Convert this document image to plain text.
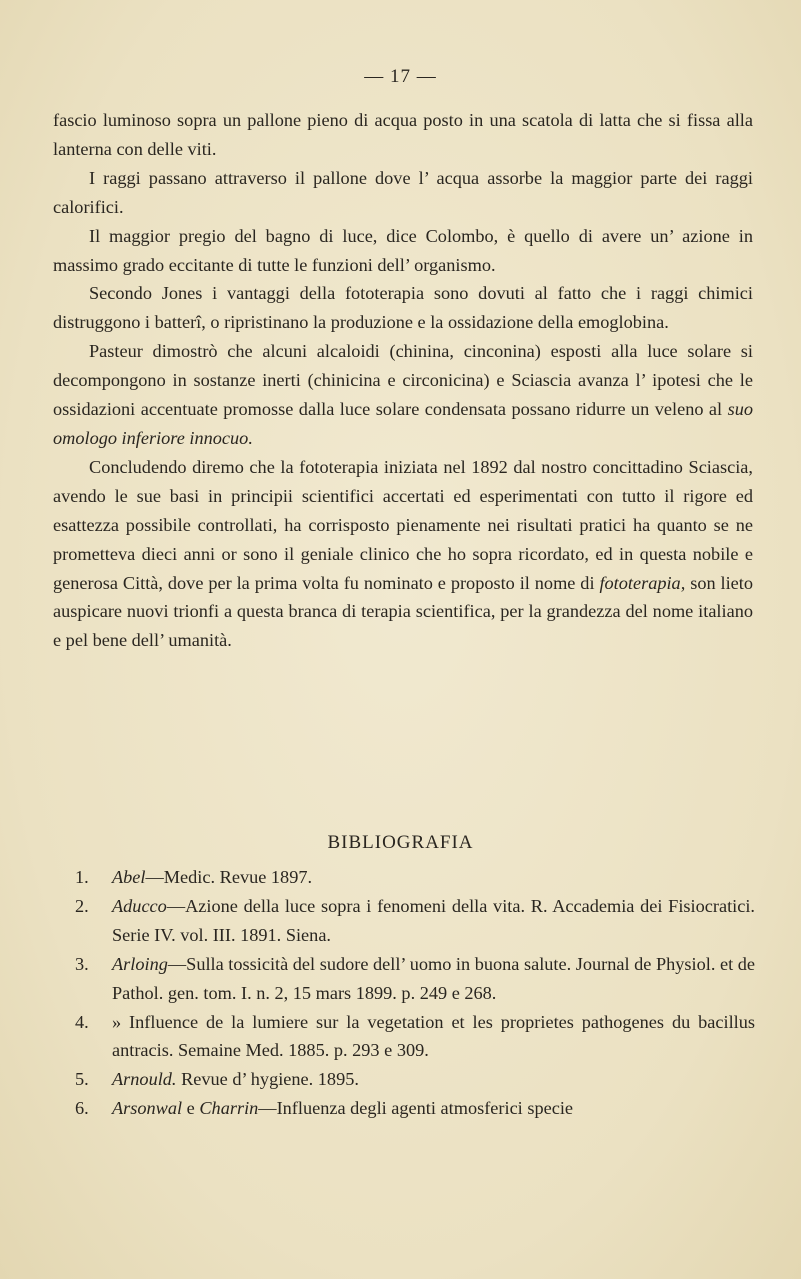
— 17 —

fascio luminoso sopra un pallone pieno di acqua posto in una scatola di latta che si fissa alla lanterna con delle viti.

I raggi passano attraverso il pallone dove l’ acqua assorbe la maggior parte dei raggi calorifici.

Il maggior pregio del bagno di luce, dice Colombo, è quello di avere un’ azione in massimo grado eccitante di tutte le funzioni dell’ organismo.

Secondo Jones i vantaggi della fototerapia sono dovuti al fatto che i raggi chimici distruggono i batterî, o ripristinano la produzione e la ossidazione della emoglobina.

Pasteur dimostrò che alcuni alcaloidi (chinina, cinconina) esposti alla luce solare si decompongono in sostanze inerti (chinicina e circonicina) e Sciascia avanza l’ ipotesi che le ossidazioni accentuate promosse dalla luce solare condensata possano ridurre un veleno al suo omologo inferiore innocuo.

Concludendo diremo che la fototerapia iniziata nel 1892 dal nostro concittadino Sciascia, avendo le sue basi in principii scientifici accertati ed esperimentati con tutto il rigore ed esattezza possibile controllati, ha corrisposto pienamente nei risultati pratici ha quanto se ne prometteva dieci anni or sono il geniale clinico che ho sopra ricordato, ed in questa nobile e generosa Città, dove per la prima volta fu nominato e proposto il nome di fototerapia, son lieto auspicare nuovi trionfi a questa branca di terapia scientifica, per la grandezza del nome italiano e pel bene dell’ umanità.

BIBLIOGRAFIA
1. Abel—Medic. Revue 1897.
2. Aducco—Azione della luce sopra i fenomeni della vita. R. Accademia dei Fisiocratici. Serie IV. vol. III. 1891. Siena.
3. Arloing—Sulla tossicità del sudore dell’ uomo in buona salute. Journal de Physiol. et de Pathol. gen. tom. I. n. 2, 15 mars 1899. p. 249 e 268.
4. » Influence de la lumiere sur la vegetation et les proprietes pathogenes du bacillus antracis. Semaine Med. 1885. p. 293 e 309.
5. Arnould. Revue d’ hygiene. 1895.
6. Arsonwal e Charrin—Influenza degli agenti atmosferici specie
